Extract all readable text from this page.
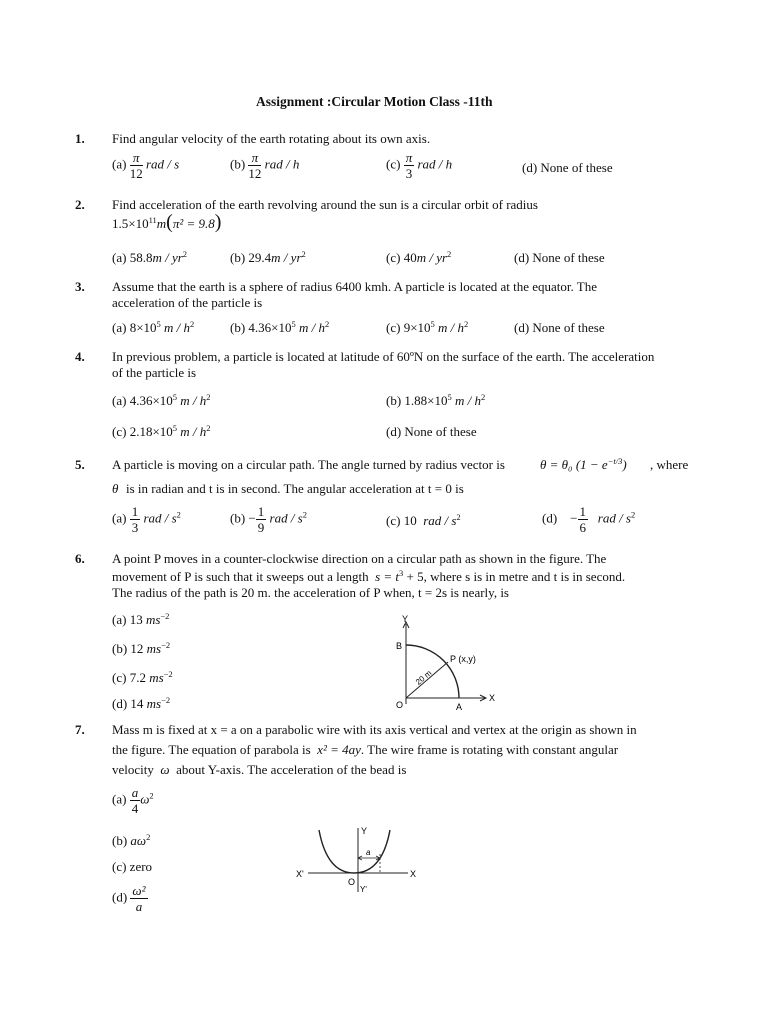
Assignment :Circular Motion Class -11th
1. Find angular velocity of the earth rotating about its own axis.
$(a) \frac{\pi}{12}$ rad / s	$(b) \frac{\pi}{12}$ rad / h	$(c) \frac{\pi}{3}$ rad / h	(d) None of these
2. Find acceleration of the earth revolving around the sun is a circular orbit of radius
$1.5\times 10^{11}m(\pi^2 = 9.8)$
(a) $58.8m / yr^2$	(b) $29.4m / yr^2$	(c) $40m / yr^2$	(d) None of these
3. Assume that the earth is a sphere of radius 6400 kmh. A particle is located at the equator. The
acceleration of the particle is
(a) $8\times 10^5$ m / $h^2$	(b) $4.36\times 10^5$ m / $h^2$	(c) $9\times 10^5$ m / $h^2$	(d) None of these
4. In previous problem, a particle is located at latitude of 60ºN on the surface of the earth. The acceleration
of the particle is
(a) $4.36\times 10^5$ m / $h^2$	(b) $1.88\times 10^5$ m / $h^2$
(c) $2.18\times 10^5$ m / $h^2$	(d) None of these
5. A particle is moving on a circular path. The angle turned by radius vector is	θ = θ₀ $(1 - e^{-t/3})$ , where
θ is in radian and t is in second. The angular acceleration at t = 0 is
$(a) \frac{1}{3}$ rad / $s^2$	$(b) - \frac{1}{9}$ rad / $s^2$	(c) 10 rad / $s^2$	$(d) - \frac{1}{6}$ rad / $s^2$
6. A point P moves in a counter-clockwise direction on a circular path as shown in the figure. The
movement of P is such that it sweeps out a length $s = t^3 + 5$, where s is in metre and t is in second.
The radius of the path is 20 m. the acceleration of P when, t = 2s is nearly, is
(a) 13 $ms^{-2}$
(b) 12 $ms^{-2}$
(c) 7.2 $ms^{-2}$
(d) 14 $ms^{-2}$
Y
X
B
A
O
P (x,y)
20 m
7. Mass m is fixed at x = a on a parabolic wire with its axis vertical and vertex at the origin as shown in
the figure. The equation of parabola is x² = 4ay. The wire frame is rotating with constant angular
velocity ω about Y-axis. The acceleration of the bead is
$(a) \frac{a}{4} \omega^2$
(b) $a\omega^2$
(c) zero
$(d) \frac{\text{ω²}}{a}$
Y
Y'
X
X'
O
a
